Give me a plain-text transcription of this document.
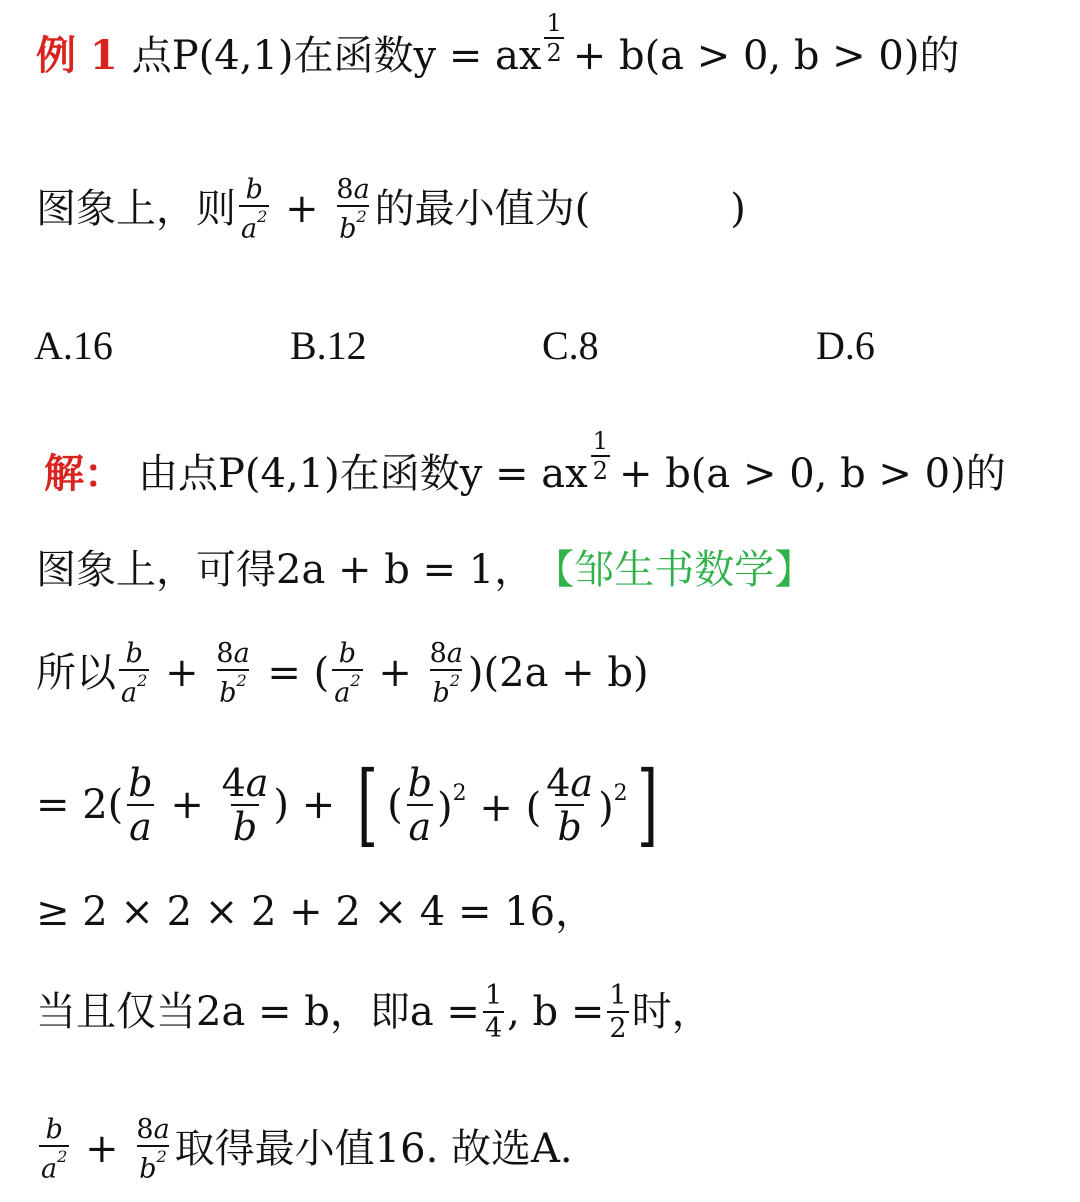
例 1 点P(4,1)在函数y = ax $\frac{1}{2} + b(a > 0$, b > 0)的
图象上，则 $\frac{b}{a^2} + \frac{8a}{b^2}$ 的最小值为(	)
A.16	B.12	C.8	D.6
解： 由点P(4,1)在函数y = ax $\frac{1}{2} + b(a > 0$, b > 0)的
图象上，可得2a + b = 1， 【邹生书数学】
所以 $\frac{b}{a^2} + \frac{8a}{b^2}$ = ( $\frac{b}{a^2} + \frac{8a}{b^2}$ ) (2a + b)
= $2( \frac{b}{a} + \frac{4a}{b}$ ) + [ ( $\frac{b}{a} )^2$ + ( $\frac{4a}{b} )^2$ ]
≥ 2 × 2 × 2 + 2 × 4 = 16，
当且仅当2a = b，即$a = \frac{1}{4}$ , $b = \frac{1}{2}$ 时，
$\frac{b}{a^2} + \frac{8a}{b^2}$ 取得最小值16. 故选A.
